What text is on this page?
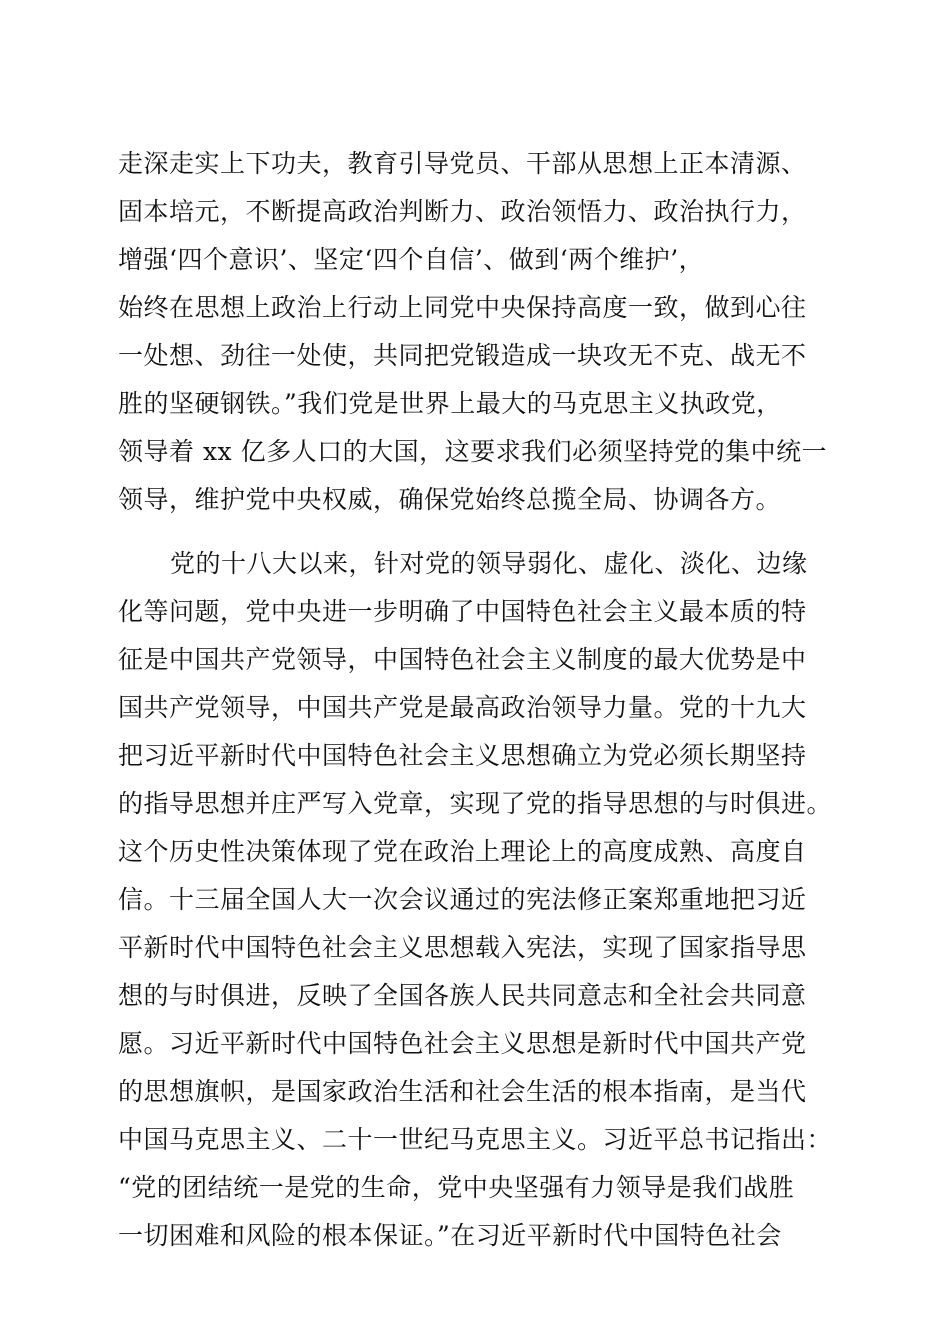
走深走实上下功夫，教育引导党员、干部从思想上正本清源、
固本培元，不断提高政治判断力、政治领悟力、政治执行力，
增强‘四个意识’、坚定‘四个自信’、做到‘两个维护’，
始终在思想上政治上行动上同党中央保持高度一致，做到心往
一处想、劲往一处使，共同把党锻造成一块攻无不克、战无不
胜的坚硬钢铁。”我们党是世界上最大的马克思主义执政党，
领导着 xx 亿多人口的大国，这要求我们必须坚持党的集中统一
领导，维护党中央权威，确保党始终总揽全局、协调各方。
党的十八大以来，针对党的领导弱化、虚化、淡化、边缘
化等问题，党中央进一步明确了中国特色社会主义最本质的特
征是中国共产党领导，中国特色社会主义制度的最大优势是中
国共产党领导，中国共产党是最高政治领导力量。党的十九大
把习近平新时代中国特色社会主义思想确立为党必须长期坚持
的指导思想并庄严写入党章，实现了党的指导思想的与时俱进。
这个历史性决策体现了党在政治上理论上的高度成熟、高度自
信。十三届全国人大一次会议通过的宪法修正案郑重地把习近
平新时代中国特色社会主义思想载入宪法，实现了国家指导思
想的与时俱进，反映了全国各族人民共同意志和全社会共同意
愿。习近平新时代中国特色社会主义思想是新时代中国共产党
的思想旗帜，是国家政治生活和社会生活的根本指南，是当代
中国马克思主义、二十一世纪马克思主义。习近平总书记指出：
“党的团结统一是党的生命，党中央坚强有力领导是我们战胜
一切困难和风险的根本保证。”在习近平新时代中国特色社会
